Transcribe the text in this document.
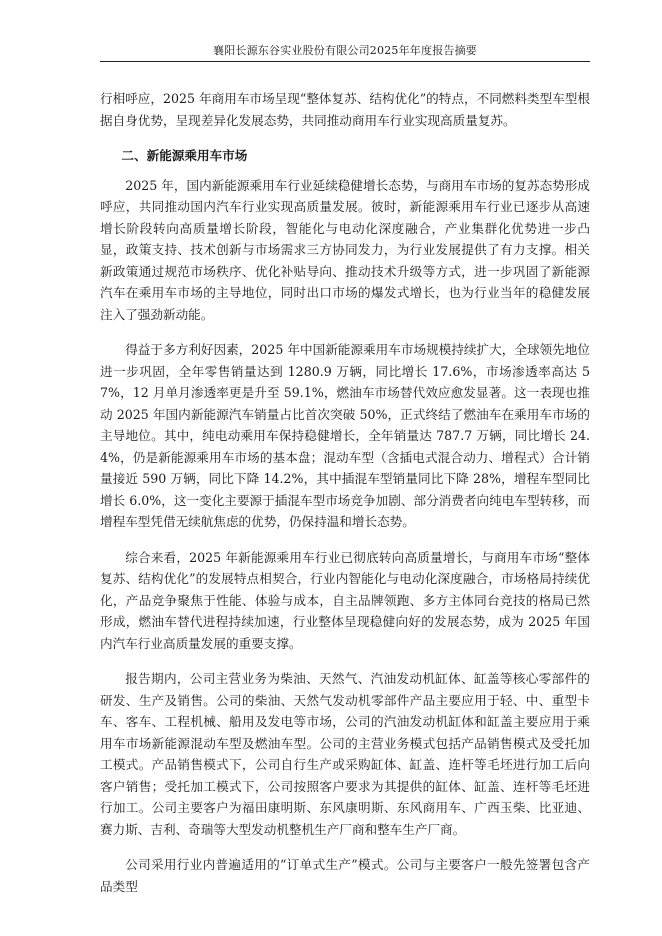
襄阳长源东谷实业股份有限公司2025年年度报告摘要

行相呼应，2025 年商用车市场呈现“整体复苏、结构优化”的特点，不同燃料类型车型根据自身优势，呈现差异化发展态势，共同推动商用车行业实现高质量复苏。

二、新能源乘用车市场

2025 年，国内新能源乘用车行业延续稳健增长态势，与商用车市场的复苏态势形成呼应，共同推动国内汽车行业实现高质量发展。彼时，新能源乘用车行业已逐步从高速增长阶段转向高质量增长阶段，智能化与电动化深度融合，产业集群化优势进一步凸显，政策支持、技术创新与市场需求三方协同发力，为行业发展提供了有力支撑。相关新政策通过规范市场秩序、优化补贴导向、推动技术升级等方式，进一步巩固了新能源汽车在乘用车市场的主导地位，同时出口市场的爆发式增长，也为行业当年的稳健发展注入了强劲新动能。

得益于多方利好因素，2025 年中国新能源乘用车市场规模持续扩大，全球领先地位进一步巩固，全年零售销量达到 1280.9 万辆，同比增长 17.6%，市场渗透率高达 57%，12 月单月渗透率更是升至 59.1%，燃油车市场替代效应愈发显著。这一表现也推动 2025 年国内新能源汽车销量占比首次突破 50%，正式终结了燃油车在乘用车市场的主导地位。其中，纯电动乘用车保持稳健增长，全年销量达 787.7 万辆，同比增长 24.4%，仍是新能源乘用车市场的基本盘；混动车型（含插电式混合动力、增程式）合计销量接近 590 万辆，同比下降 14.2%，其中插混车型销量同比下降 28%，增程车型同比增长 6.0%，这一变化主要源于插混车型市场竞争加剧、部分消费者向纯电车型转移，而增程车型凭借无续航焦虑的优势，仍保持温和增长态势。

综合来看，2025 年新能源乘用车行业已彻底转向高质量增长，与商用车市场“整体复苏、结构优化”的发展特点相契合，行业内智能化与电动化深度融合，市场格局持续优化，产品竞争聚焦于性能、体验与成本，自主品牌领跑、多方主体同台竞技的格局已然形成，燃油车替代进程持续加速，行业整体呈现稳健向好的发展态势，成为 2025 年国内汽车行业高质量发展的重要支撑。

报告期内，公司主营业务为柴油、天然气、汽油发动机缸体、缸盖等核心零部件的研发、生产及销售。公司的柴油、天然气发动机零部件产品主要应用于轻、中、重型卡车、客车、工程机械、船用及发电等市场，公司的汽油发动机缸体和缸盖主要应用于乘用车市场新能源混动车型及燃油车型。公司的主营业务模式包括产品销售模式及受托加工模式。产品销售模式下，公司自行生产或采购缸体、缸盖、连杆等毛坯进行加工后向客户销售；受托加工模式下，公司按照客户要求为其提供的缸体、缸盖、连杆等毛坯进行加工。公司主要客户为福田康明斯、东风康明斯、东风商用车、广西玉柴、比亚迪、赛力斯、吉利、奇瑞等大型发动机整机生产厂商和整车生产厂商。

公司采用行业内普遍适用的“订单式生产”模式。公司与主要客户一般先签署包含产品类型
